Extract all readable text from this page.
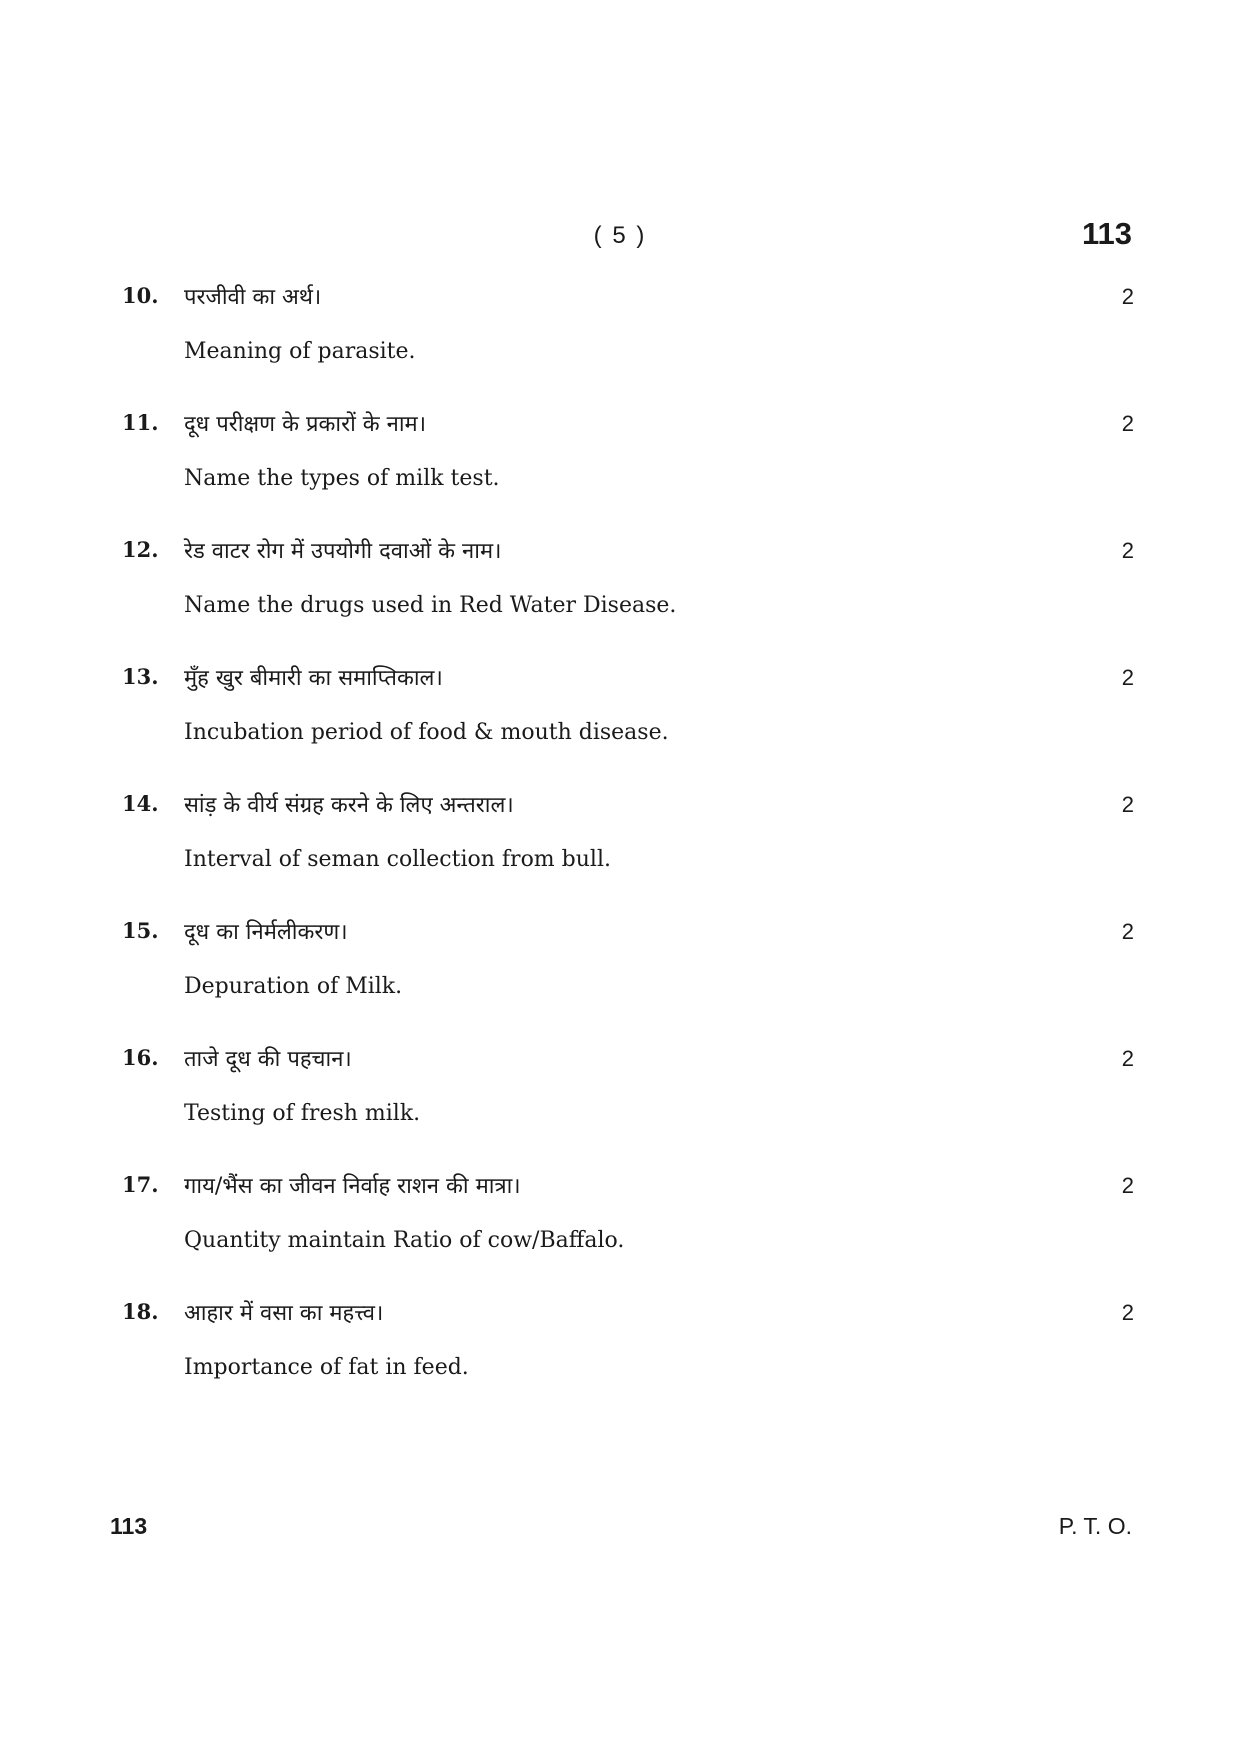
( 5 )	113
10. परजीवी का अर्थ।	2
Meaning of parasite.
11. दूध परीक्षण के प्रकारों के नाम।	2
Name the types of milk test.
12. रेड वाटर रोग में उपयोगी दवाओं के नाम।	2
Name the drugs used in Red Water Disease.
13. मुँह खुर बीमारी का समाप्तिकाल।	2
Incubation period of food & mouth disease.
14. सांड़ के वीर्य संग्रह करने के लिए अन्तराल।	2
Interval of seman collection from bull.
15. दूध का निर्मलीकरण।	2
Depuration of Milk.
16. ताजे दूध की पहचान।	2
Testing of fresh milk.
17. गाय/भैंस का जीवन निर्वाह राशन की मात्रा।	2
Quantity maintain Ratio of cow/Baffalo.
18. आहार में वसा का महत्त्व।	2
Importance of fat in feed.
113	P. T. O.
